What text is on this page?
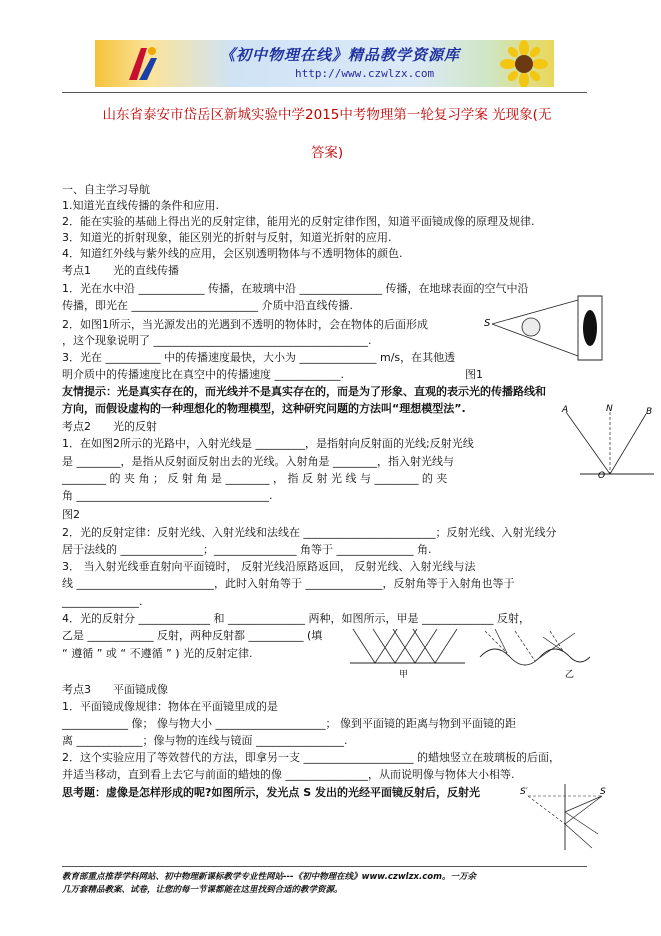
《初中物理在线》精品教学资源库
http://www.czwlzx.com
山东省泰安市岱岳区新城实验中学2015中考物理第一轮复习学案 光现象(无
答案)
一、自主学习导航
1.知道光直线传播的条件和应用.
2．能在实验的基础上得出光的反射定律，能用光的反射定律作图，知道平面镜成像的原理及规律.
3．知道光的折射现象，能区别光的折射与反射，知道光折射的应用.
4．知道红外线与紫外线的应用，会区别透明物体与不透明物体的颜色.
考点1　　光的直线传播
1．光在水中沿 ____________ 传播，在玻璃中沿 _______________ 传播，在地球表面的空气中沿
传播，即光在 _______________________ 介质中沿直线传播.
2．如图1所示，当光源发出的光遇到不透明的物体时，会在物体的后面形成
，这个现象说明了 _______________________________________.
3．光在 __________ 中的传播速度最快，大小为 ______________ m/s，在其他透
明介质中的传播速度比在真空中的传播速度 ____________.　　　　　　　　　　　图1
友情提示：光是真实存在的，而光线并不是真实存在的，而是为了形象、直观的表示光的传播路线和
方向，而假设虚构的一种理想化的物理模型，这种研究问题的方法叫“理想模型法”.
考点2　　光的反射
1．在如图2所示的光路中，入射光线是 _________，是指射向反射面的光线;反射光线
是 ________，是指从反射面反射出去的光线。入射角是 ________，指入射光线与
________ 的 夹 角 ； 反 射 角 是 ________ ， 指 反 射 光 线 与 ________ 的 夹
角 ___________________________________.
图2
2．光的反射定律：反射光线、入射光线和法线在 ________________________；反射光线、入射光线分
居于法线的 _______________；_______________ 角等于 ______________ 角.
3． 当入射光线垂直射向平面镜时， 反射光线沿原路返回， 反射光线、入射光线与法
线 _________________________，此时入射角等于 ______________，反射角等于入射角也等于
______________.
4．光的反射分 _____________ 和 ______________ 两种，如图所示，甲是 _____________ 反射，
乙是 ____________ 反射，两种反射都 __________ (填
“ 遵循 ” 或 “ 不遵循 ” ) 光的反射定律.
考点3　　平面镜成像
1．平面镜成像规律：物体在平面镜里成的是
____________ 像； 像与物大小 ____________________； 像到平面镜的距离与物到平面镜的距
离 ____________；像与物的连线与镜面 ________________.
2．这个实验应用了等效替代的方法，即拿另一支 ____________________ 的蜡烛竖立在玻璃板的后面，
并适当移动，直到看上去它与前面的蜡烛的像 _______________，从而说明像与物体大小相等.
思考题：虚像是怎样形成的呢?如图所示，发光点 S 发出的光经平面镜反射后，反射光
S
A	N	B
O
甲	乙
S′	S
教育部重点推荐学科网站、初中物理新课标教学专业性网站---《初中物理在线》www.czwlzx.com。一万余
几万套精品教案、试卷，让您的每一节课都能在这里找到合适的教学资源。
